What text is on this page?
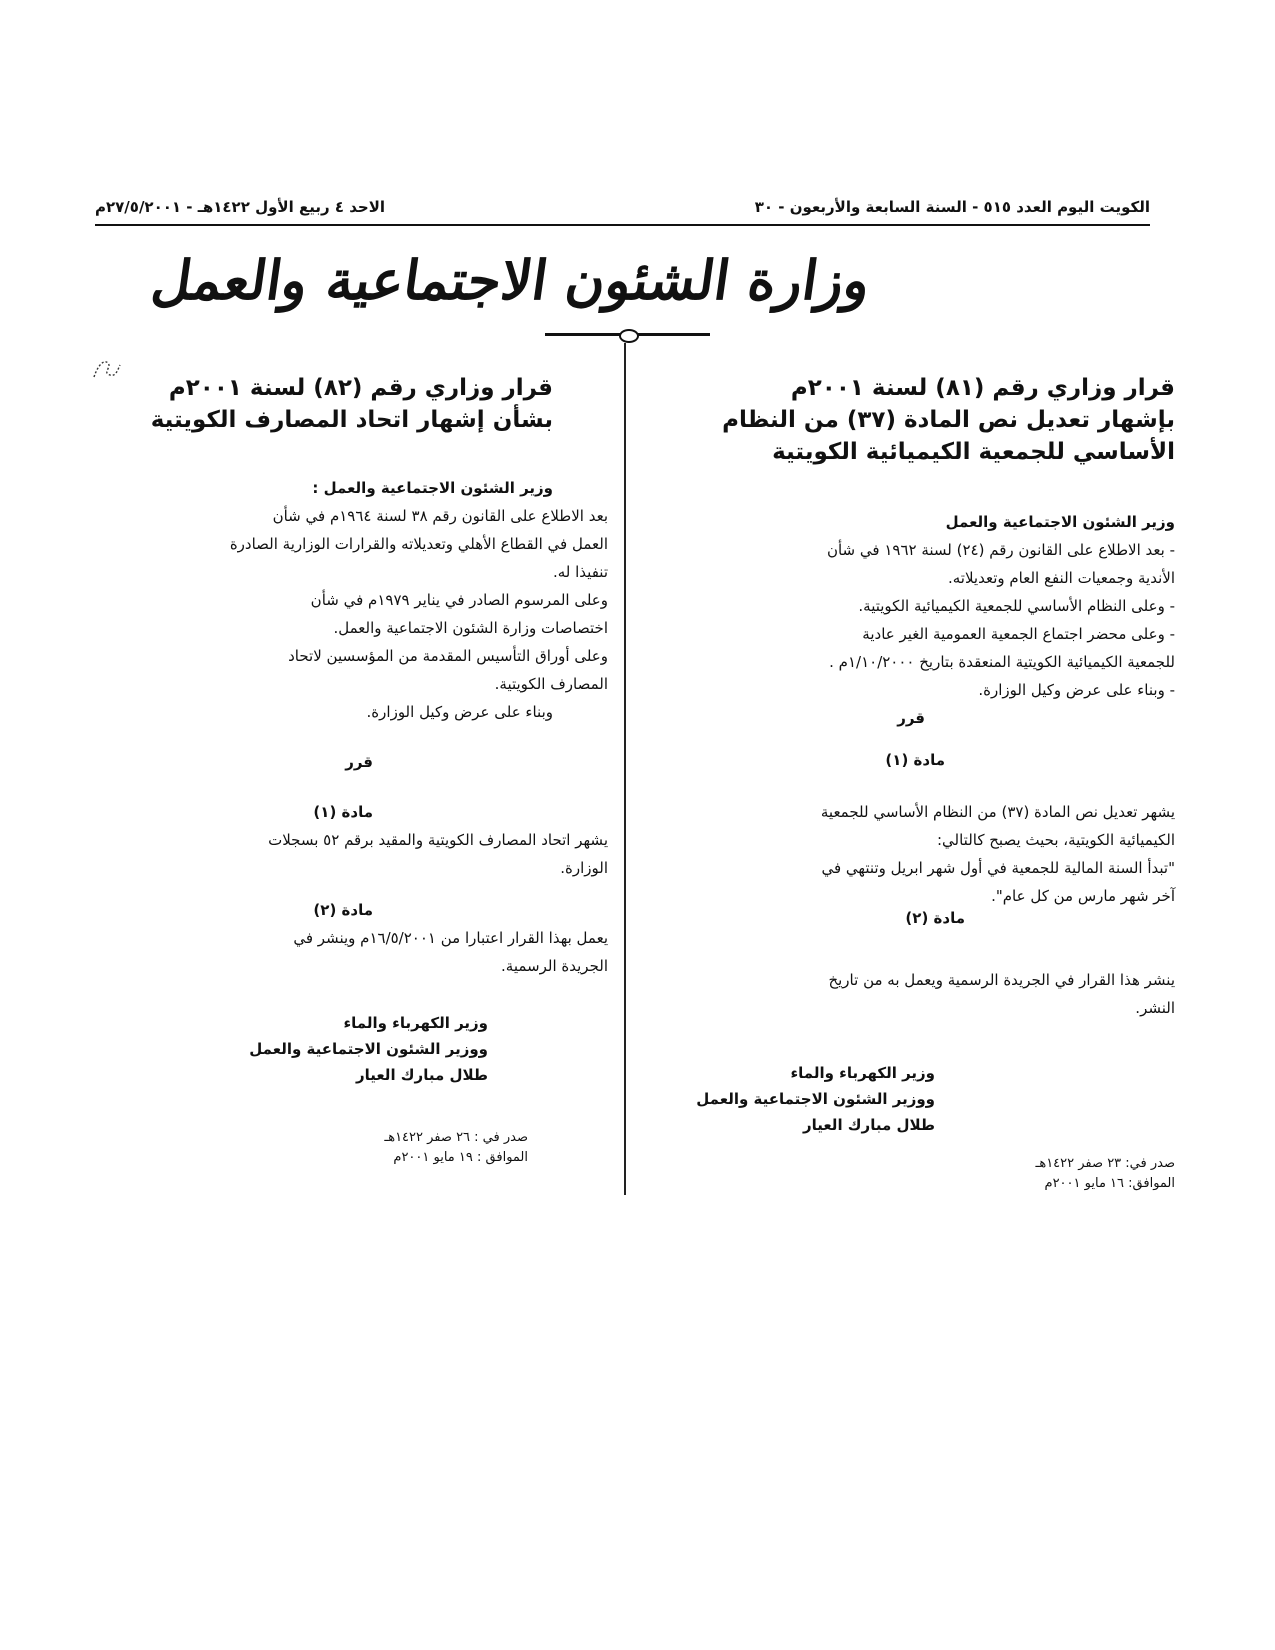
الكويت اليوم العدد ٥١٥ - السنة السابعة والأربعون - ٣٠
الاحد ٤ ربيع الأول ١٤٢٢هـ - ٢٧/٥/٢٠٠١م
وزارة الشئون الاجتماعية والعمل

قرار وزاري رقم (٨١) لسنة ٢٠٠١م

بإشهار تعديل نص المادة (٣٧) من النظام

الأساسي للجمعية الكيميائية الكويتية

وزير الشئون الاجتماعية والعمل

- بعد الاطلاع على القانون رقم (٢٤) لسنة ١٩٦٢ في شأن

الأندية وجمعيات النفع العام وتعديلاته.

- وعلى النظام الأساسي للجمعية الكيميائية الكويتية.

- وعلى محضر اجتماع الجمعية العمومية الغير عادية

للجمعية الكيميائية الكويتية المنعقدة بتاريخ ١/١٠/٢٠٠٠م .

- وبناء على عرض وكيل الوزارة.

قرر

مادة (١)

يشهر تعديل نص المادة (٣٧) من النظام الأساسي للجمعية

الكيميائية الكويتية، بحيث يصبح كالتالي:

"تبدأ السنة المالية للجمعية في أول شهر ابريل وتنتهي في

آخر شهر مارس من كل عام".

مادة (٢)

ينشر هذا القرار في الجريدة الرسمية ويعمل به من تاريخ

النشر.

وزير الكهرباء والماء

ووزير الشئون الاجتماعية والعمل

طلال مبارك العيار

صدر في: ٢٣ صفر ١٤٢٢هـ

الموافق: ١٦ مايو ٢٠٠١م

قرار وزاري رقم (٨٢) لسنة ٢٠٠١م

بشأن إشهار اتحاد المصارف الكويتية

وزير الشئون الاجتماعية والعمل :

بعد الاطلاع على القانون رقم ٣٨ لسنة ١٩٦٤م في شأن

العمل في القطاع الأهلي وتعديلاته والقرارات الوزارية الصادرة

تنفيذا له.

وعلى المرسوم الصادر في يناير ١٩٧٩م في شأن

اختصاصات وزارة الشئون الاجتماعية والعمل.

وعلى أوراق التأسيس المقدمة من المؤسسين لاتحاد

المصارف الكويتية.

وبناء على عرض وكيل الوزارة.

قرر

مادة (١)

يشهر اتحاد المصارف الكويتية والمقيد برقم ٥٢ بسجلات

الوزارة.

مادة (٢)

يعمل بهذا القرار اعتبارا من ١٦/٥/٢٠٠١م وينشر في

الجريدة الرسمية.

وزير الكهرباء والماء

ووزير الشئون الاجتماعية والعمل

طلال مبارك العيار

صدر في : ٢٦ صفر ١٤٢٢هـ

الموافق : ١٩ مايو ٢٠٠١م
